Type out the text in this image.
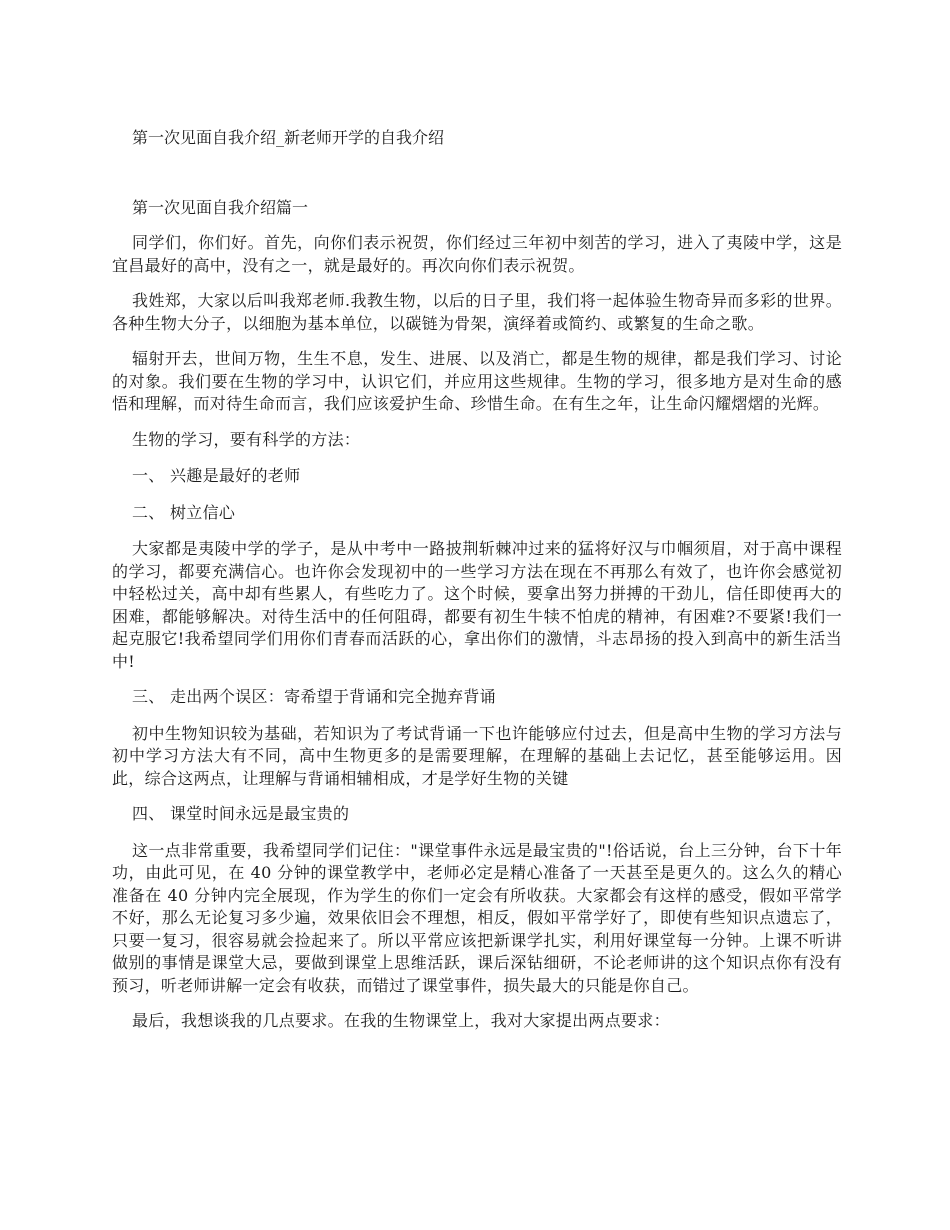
第一次见面自我介绍_新老师开学的自我介绍
第一次见面自我介绍篇一

同学们，你们好。首先，向你们表示祝贺，你们经过三年初中刻苦的学习，进入了夷陵中学，这是宜昌最好的高中，没有之一，就是最好的。再次向你们表示祝贺。

我姓郑，大家以后叫我郑老师.我教生物，以后的日子里，我们将一起体验生物奇异而多彩的世界。各种生物大分子，以细胞为基本单位，以碳链为骨架，演绎着或简约、或繁复的生命之歌。

辐射开去，世间万物，生生不息，发生、进展、以及消亡，都是生物的规律，都是我们学习、讨论的对象。我们要在生物的学习中，认识它们，并应用这些规律。生物的学习，很多地方是对生命的感悟和理解，而对待生命而言，我们应该爱护生命、珍惜生命。在有生之年，让生命闪耀熠熠的光辉。

生物的学习，要有科学的方法：

一、 兴趣是最好的老师

二、 树立信心

大家都是夷陵中学的学子，是从中考中一路披荆斩棘冲过来的猛将好汉与巾帼须眉，对于高中课程的学习，都要充满信心。也许你会发现初中的一些学习方法在现在不再那么有效了，也许你会感觉初中轻松过关，高中却有些累人，有些吃力了。这个时候，要拿出努力拼搏的干劲儿，信任即使再大的困难，都能够解决。对待生活中的任何阻碍，都要有初生牛犊不怕虎的精神，有困难?不要紧!我们一起克服它!我希望同学们用你们青春而活跃的心，拿出你们的激情，斗志昂扬的投入到高中的新生活当中!

三、 走出两个误区：寄希望于背诵和完全抛弃背诵

初中生物知识较为基础，若知识为了考试背诵一下也许能够应付过去，但是高中生物的学习方法与初中学习方法大有不同，高中生物更多的是需要理解，在理解的基础上去记忆，甚至能够运用。因此，综合这两点，让理解与背诵相辅相成，才是学好生物的关键

四、 课堂时间永远是最宝贵的

这一点非常重要，我希望同学们记住："课堂事件永远是最宝贵的"!俗话说，台上三分钟，台下十年功，由此可见，在 40 分钟的课堂教学中，老师必定是精心准备了一天甚至是更久的。这么久的精心准备在 40 分钟内完全展现，作为学生的你们一定会有所收获。大家都会有这样的感受，假如平常学不好，那么无论复习多少遍，效果依旧会不理想，相反，假如平常学好了，即使有些知识点遗忘了，只要一复习，很容易就会捡起来了。所以平常应该把新课学扎实，利用好课堂每一分钟。上课不听讲做别的事情是课堂大忌，要做到课堂上思维活跃，课后深钻细研，不论老师讲的这个知识点你有没有预习，听老师讲解一定会有收获，而错过了课堂事件，损失最大的只能是你自己。

最后，我想谈我的几点要求。在我的生物课堂上，我对大家提出两点要求：
